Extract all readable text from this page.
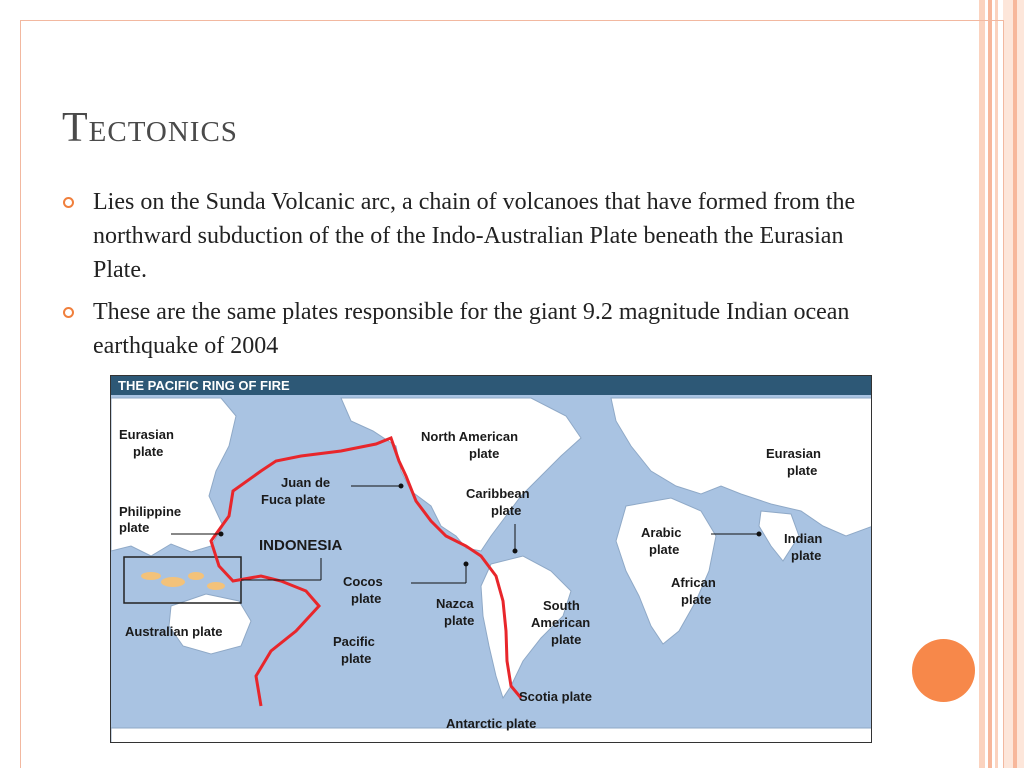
Tectonics
Lies on the Sunda Volcanic arc, a chain of volcanoes that have formed from the northward subduction of the of the Indo-Australian Plate beneath the Eurasian Plate.
These are the same plates responsible for the giant 9.2 magnitude Indian ocean earthquake of 2004
THE PACIFIC RING OF FIRE
Eurasian
plate
Philippine
plate
Juan de
Fuca plate
INDONESIA
North American
plate
Caribbean
plate
Cocos
plate	Nazca
plate
South
American
plate
Australian plate
Pacific
plate
Scotia plate
Antarctic plate
Eurasian
plate
Arabic
plate
Indian
plate
African
plate
